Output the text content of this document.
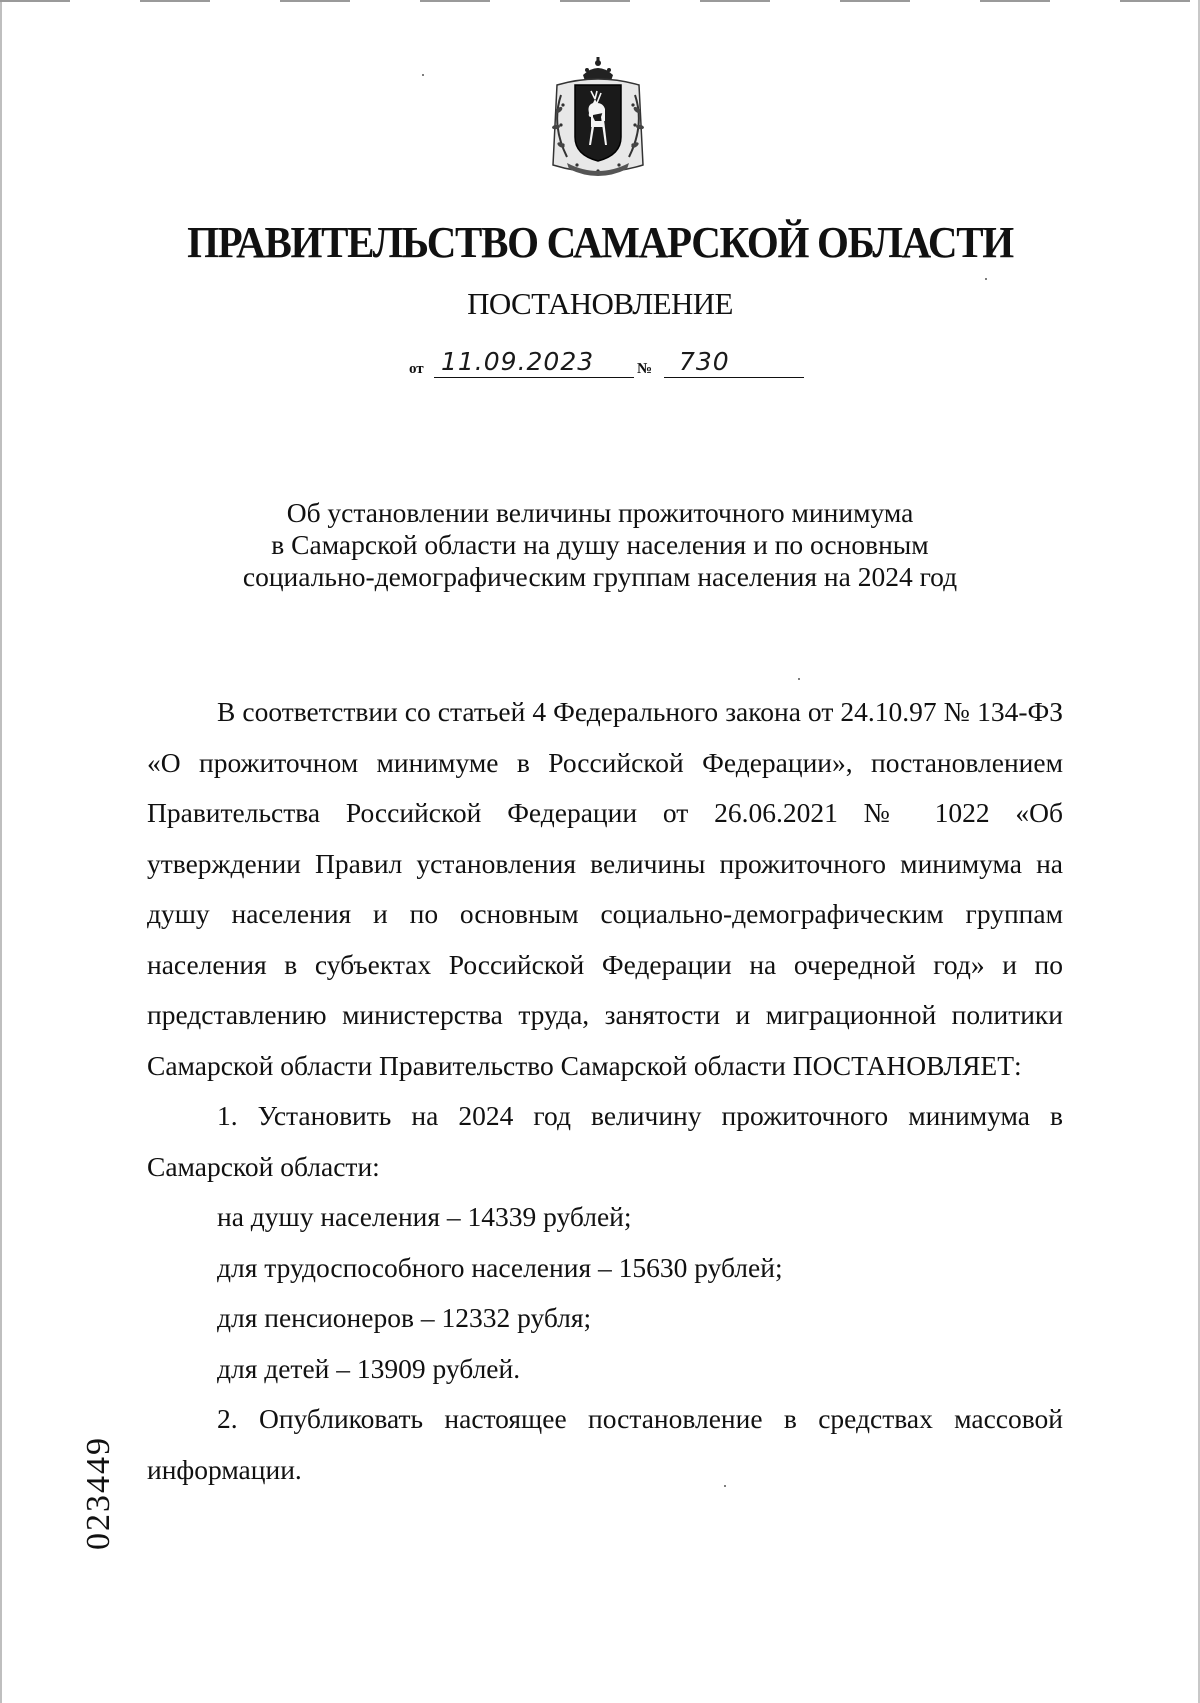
ПРАВИТЕЛЬСТВО САМАРСКОЙ ОБЛАСТИ
ПОСТАНОВЛЕНИЕ
от 11.09.2023	№ 730
Об установлении величины прожиточного минимума
в Самарской области на душу населения и по основным
социально-демографическим группам населения на 2024 год

В соответствии со статьей 4 Федерального закона от 24.10.97 № 134-ФЗ «О прожиточном минимуме в Российской Федерации», постановлением Правительства Российской Федерации от 26.06.2021 № 1022 «Об утверждении Правил установления величины прожиточного минимума на душу населения и по основным социально-демографическим группам населения в субъектах Российской Федерации на очередной год» и по представлению министерства труда, занятости и миграционной политики Самарской области Правительство Самарской области ПОСТАНОВЛЯЕТ:

1. Установить на 2024 год величину прожиточного минимума в Самарской области:

на душу населения – 14339 рублей;

для трудоспособного населения – 15630 рублей;

для пенсионеров – 12332 рубля;

для детей – 13909 рублей.

2. Опубликовать настоящее постановление в средствах массовой информации.

023449
